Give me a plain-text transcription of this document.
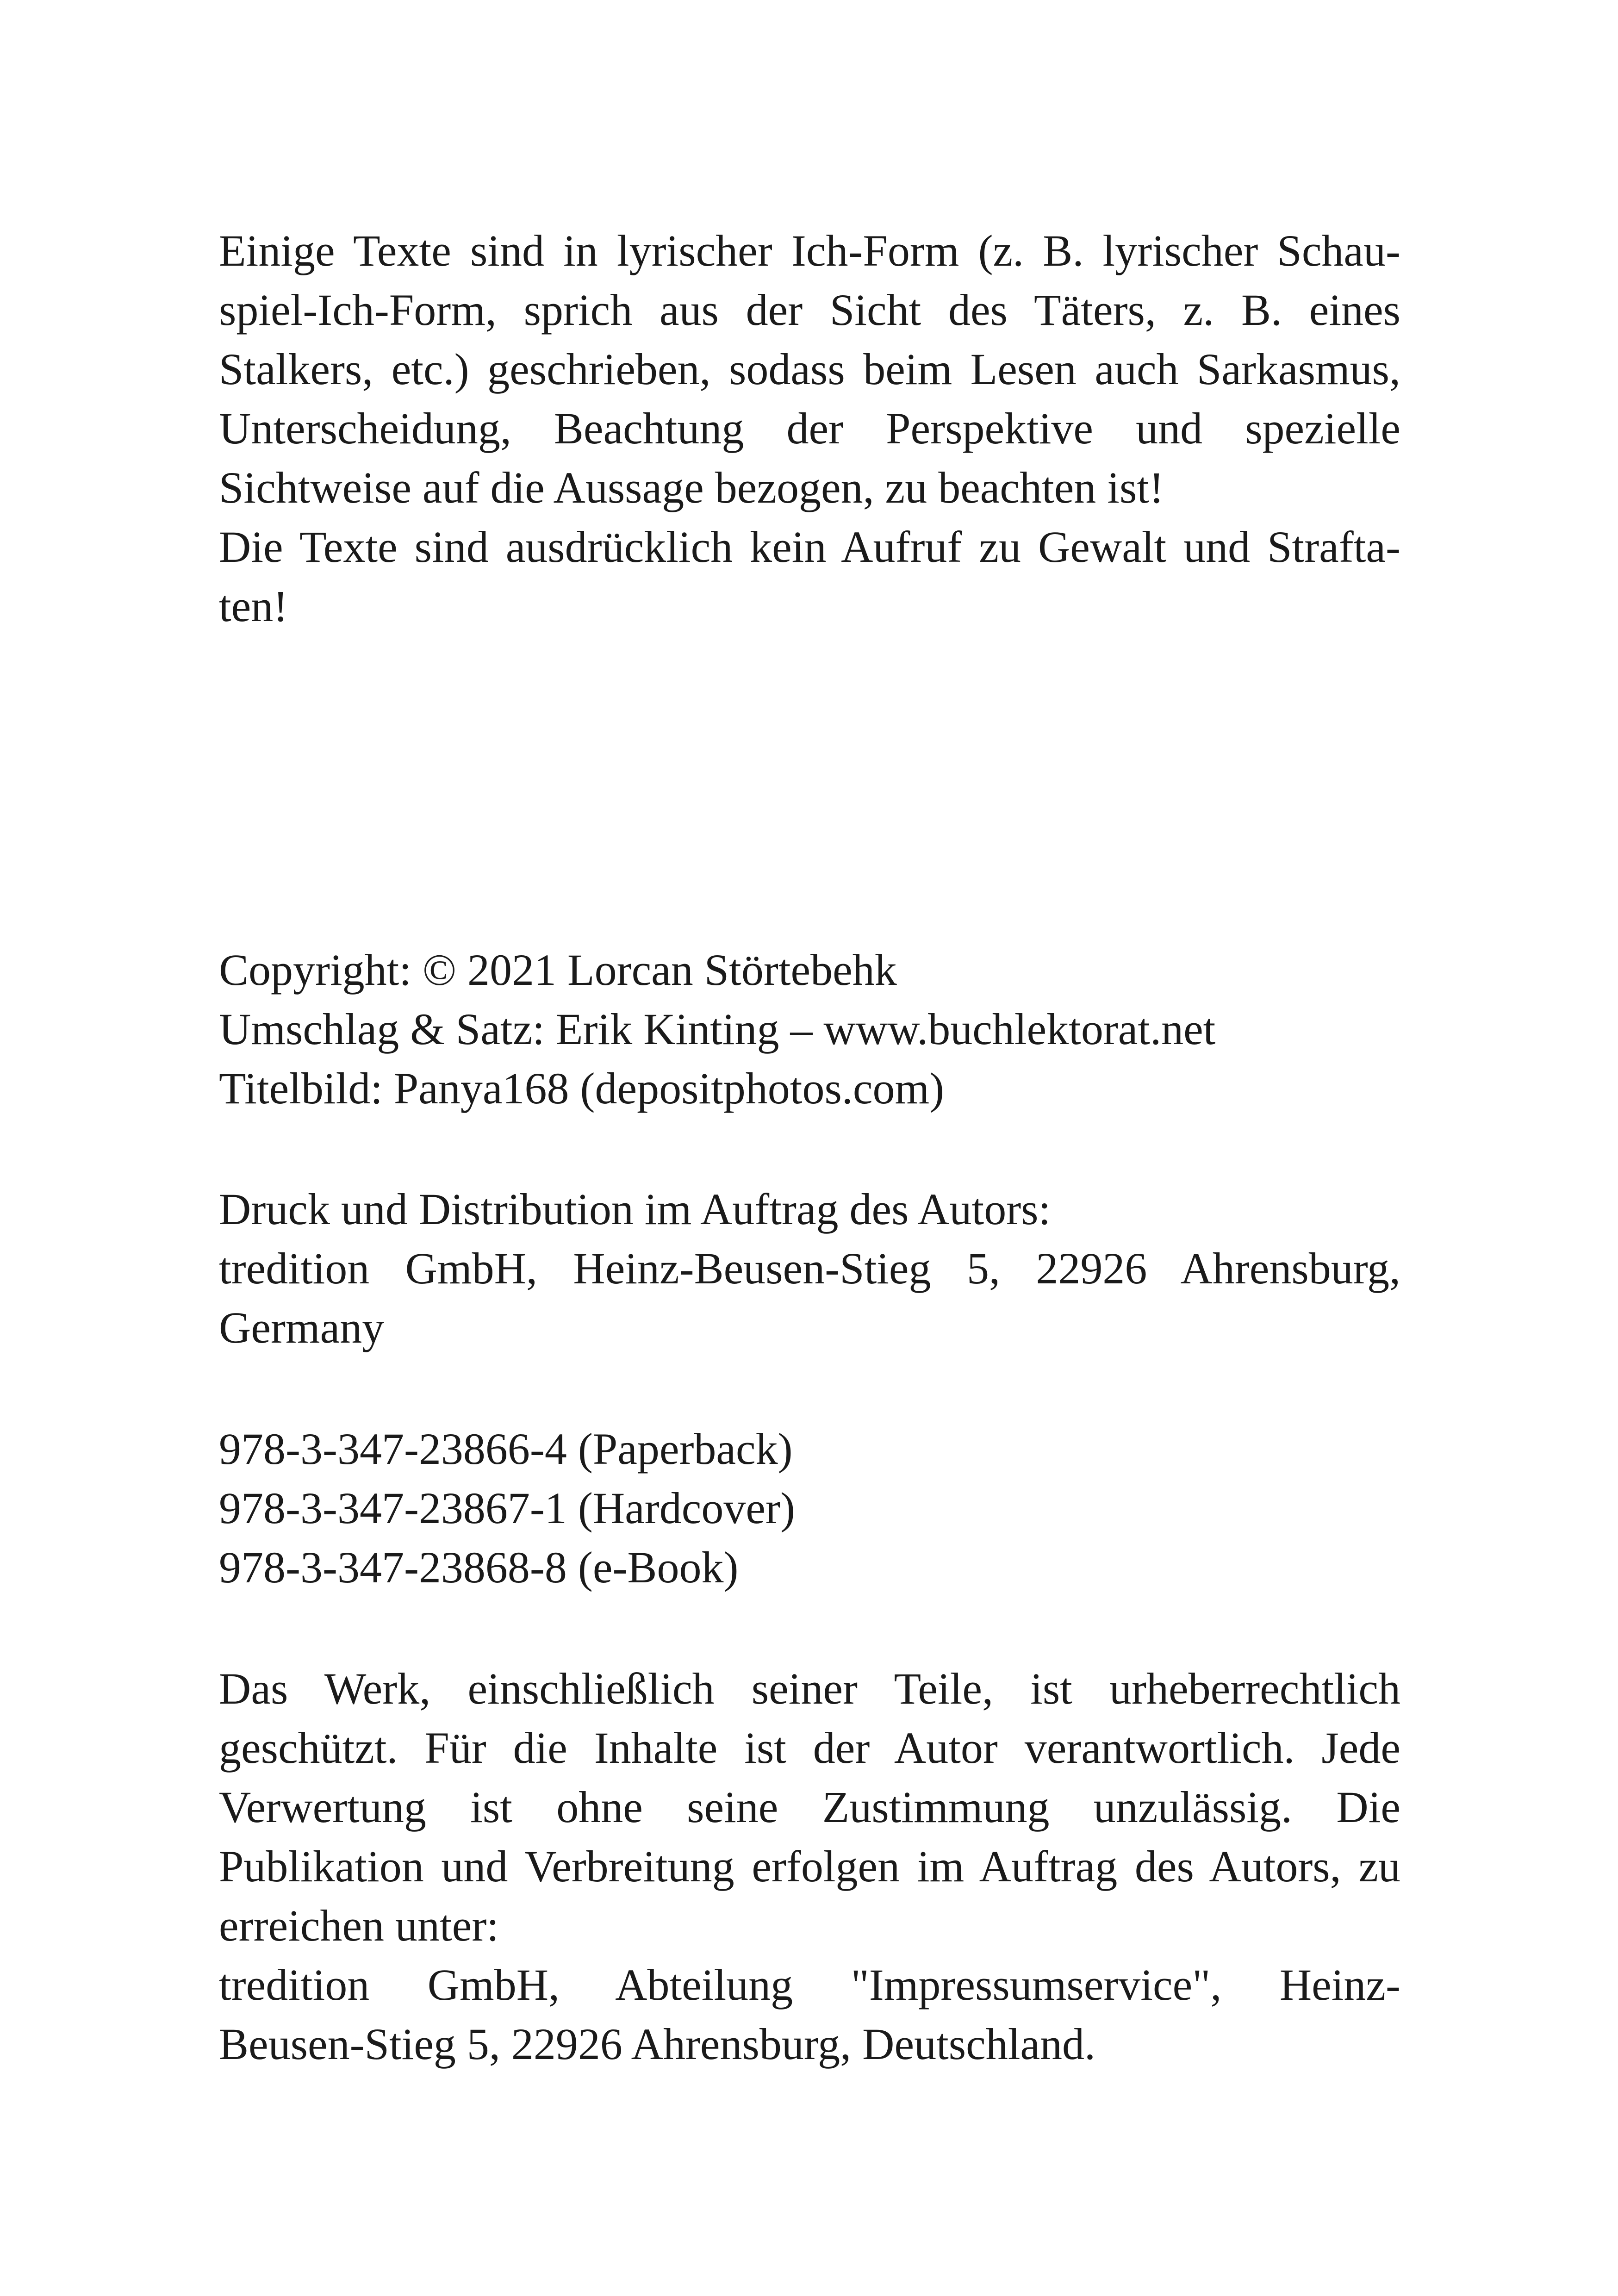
Einige Texte sind in lyrischer Ich-Form (z. B. lyrischer Schau-
spiel-Ich-Form, sprich aus der Sicht des Täters, z. B. eines
Stalkers, etc.) geschrieben, sodass beim Lesen auch Sarkasmus,
Unterscheidung, Beachtung der Perspektive und spezielle
Sichtweise auf die Aussage bezogen, zu beachten ist!
Die Texte sind ausdrücklich kein Aufruf zu Gewalt und Strafta-
ten!
Copyright: © 2021 Lorcan Störtebehk
Umschlag & Satz: Erik Kinting – www.buchlektorat.net
Titelbild: Panya168 (depositphotos.com)
Druck und Distribution im Auftrag des Autors:
tredition GmbH, Heinz-Beusen-Stieg 5, 22926 Ahrensburg,
Germany
978-3-347-23866-4 (Paperback)
978-3-347-23867-1 (Hardcover)
978-3-347-23868-8 (e-Book)
Das Werk, einschließlich seiner Teile, ist urheberrechtlich
geschützt. Für die Inhalte ist der Autor verantwortlich. Jede
Verwertung ist ohne seine Zustimmung unzulässig. Die
Publikation und Verbreitung erfolgen im Auftrag des Autors, zu
erreichen unter:
tredition GmbH, Abteilung "Impressumservice", Heinz-
Beusen-Stieg 5, 22926 Ahrensburg, Deutschland.
